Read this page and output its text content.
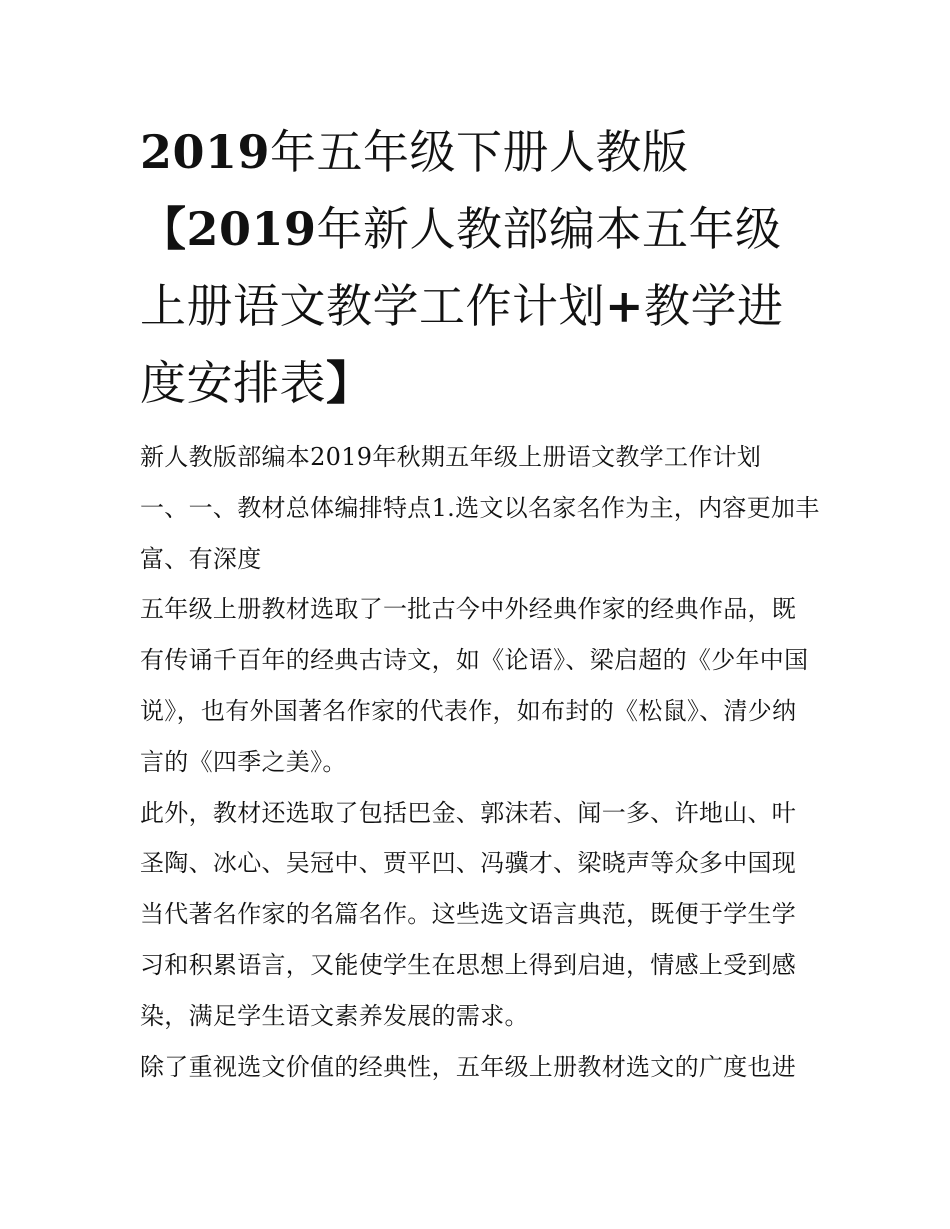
2019年五年级下册人教版【2019年新人教部编本五年级上册语文教学工作计划+教学进度安排表】

新人教版部编本2019年秋期五年级上册语文教学工作计划

一、一、教材总体编排特点1.选文以名家名作为主，内容更加丰富、有深度

五年级上册教材选取了一批古今中外经典作家的经典作品，既有传诵千百年的经典古诗文，如《论语》、梁启超的《少年中国说》，也有外国著名作家的代表作，如布封的《松鼠》、清少纳言的《四季之美》。

此外，教材还选取了包括巴金、郭沫若、闻一多、许地山、叶圣陶、冰心、吴冠中、贾平凹、冯骥才、梁晓声等众多中国现当代著名作家的名篇名作。这些选文语言典范，既便于学生学习和积累语言，又能使学生在思想上得到启迪，情感上受到感染，满足学生语文素养发展的需求。

除了重视选文价值的经典性，五年级上册教材选文的广度也进
